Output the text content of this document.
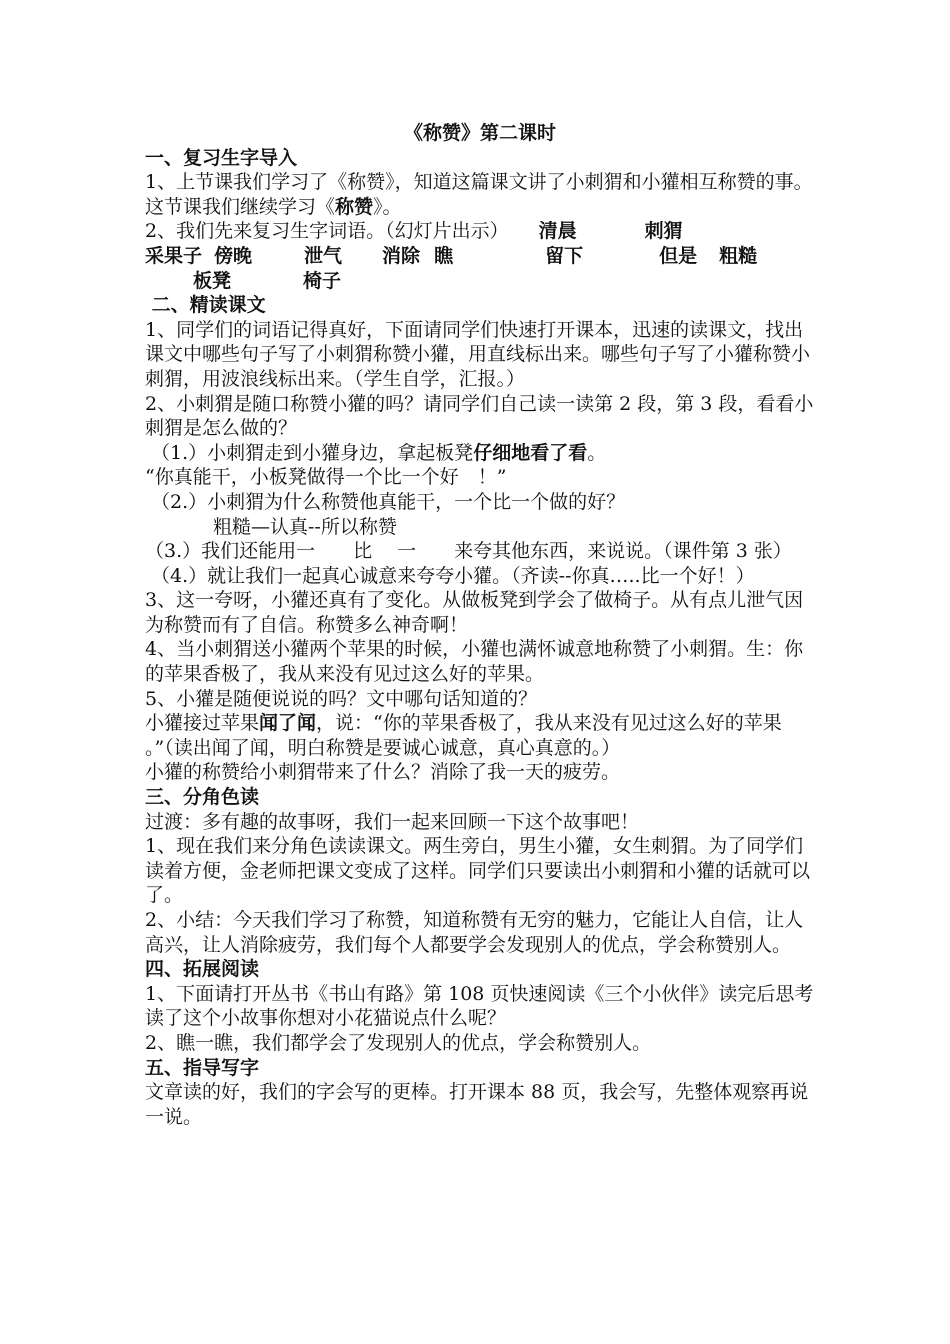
《称赞》第二课时
一、复习生字导入
1、上节课我们学习了《称赞》，知道这篇课文讲了小刺猬和小獾相互称赞的事。这节课我们继续学习《称赞》。
2、我们先来复习生字词语。（幻灯片出示） 清晨	刺猬
采果子 傍晚	泄气 消除 瞧	留下	但是 粗糙
板凳	椅子
二、精读课文
1、同学们的词语记得真好，下面请同学们快速打开课本，迅速的读课文，找出课文中哪些句子写了小刺猬称赞小獾，用直线标出来。哪些句子写了小獾称赞小刺猬，用波浪线标出来。（学生自学，汇报。）
2、小刺猬是随口称赞小獾的吗？请同学们自己读一读第 2 段，第 3 段，看看小刺猬是怎么做的？
（1.）小刺猬走到小獾身边，拿起板凳仔细地看了看。
“你真能干，小板凳做得一个比一个好　！”
（2.）小刺猬为什么称赞他真能干，一个比一个做的好？
粗糙—认真--所以称赞
（3.）我们还能用一　　比　 一　　来夸其他东西，来说说。（课件第 3 张）
（4.）就让我们一起真心诚意来夸夸小獾。（齐读--你真…..比一个好！）
3、这一夸呀，小獾还真有了变化。从做板凳到学会了做椅子。从有点儿泄气因为称赞而有了自信。称赞多么神奇啊！
4、当小刺猬送小獾两个苹果的时候，小獾也满怀诚意地称赞了小刺猬。生：你的苹果香极了，我从来没有见过这么好的苹果。
5、小獾是随便说说的吗？文中哪句话知道的？
小獾接过苹果闻了闻，说：“你的苹果香极了，我从来没有见过这么好的苹果 。”（读出闻了闻，明白称赞是要诚心诚意，真心真意的。）
小獾的称赞给小刺猬带来了什么？消除了我一天的疲劳。
三、分角色读
过渡：多有趣的故事呀，我们一起来回顾一下这个故事吧！
1、现在我们来分角色读读课文。两生旁白，男生小獾，女生刺猬。为了同学们读着方便，金老师把课文变成了这样。同学们只要读出小刺猬和小獾的话就可以了。
2、小结：今天我们学习了称赞，知道称赞有无穷的魅力，它能让人自信，让人高兴，让人消除疲劳，我们每个人都要学会发现别人的优点，学会称赞别人。
四、拓展阅读
1、下面请打开丛书《书山有路》第 108 页快速阅读《三个小伙伴》读完后思考读了这个小故事你想对小花猫说点什么呢？
2、瞧一瞧，我们都学会了发现别人的优点，学会称赞别人。
五、指导写字
文章读的好，我们的字会写的更棒。打开课本 88 页，我会写，先整体观察再说一说。
